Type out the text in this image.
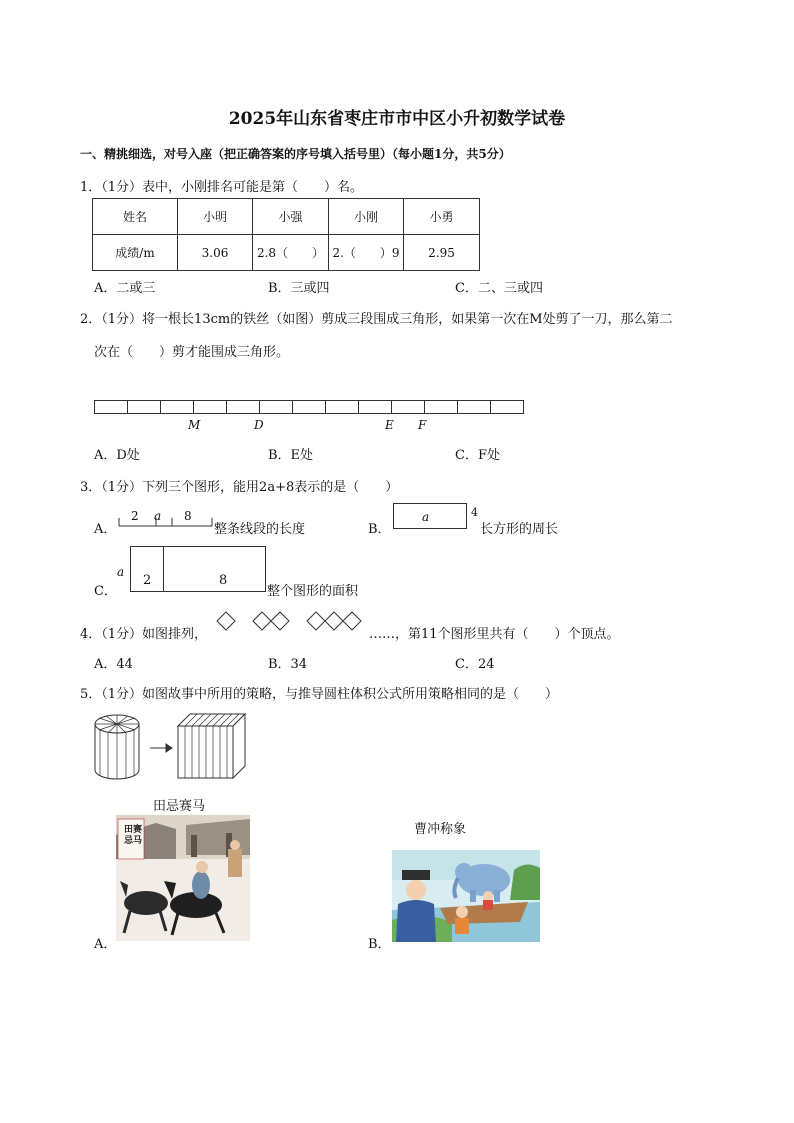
2025年山东省枣庄市市中区小升初数学试卷
一、精挑细选，对号入座（把正确答案的序号填入括号里）（每小题1分，共5分）
1．（1分）表中，小刚排名可能是第（　　）名。
姓名	小明	小强	小刚	小勇
成绩/m	3.06	2.8（　　）	2.（　　）9	2.95
A．二或三	B．三或四	C．二、三或四
2．（1分）将一根长13cm的铁丝（如图）剪成三段围成三角形，如果第一次在M处剪了一刀，那么第二
次在（　　）剪才能围成三角形。
M	D	E F
A．D处	B．E处	C．F处
3．（1分）下列三个图形，能用2a+8表示的是（　　）
A．
2 a 8
整条线段的长度	B．
a	4
长方形的周长
C．
a
2	8
整个图形的面积
4．（1分）如图排列，	……，第11个图形里共有（　　）个顶点。
A．44	B．34	C．24
5．（1分）如图故事中所用的策略，与推导圆柱体积公式所用策略相同的是（　　）
田忌赛马
曹冲称象
田
忌
赛
马
A．	B．
